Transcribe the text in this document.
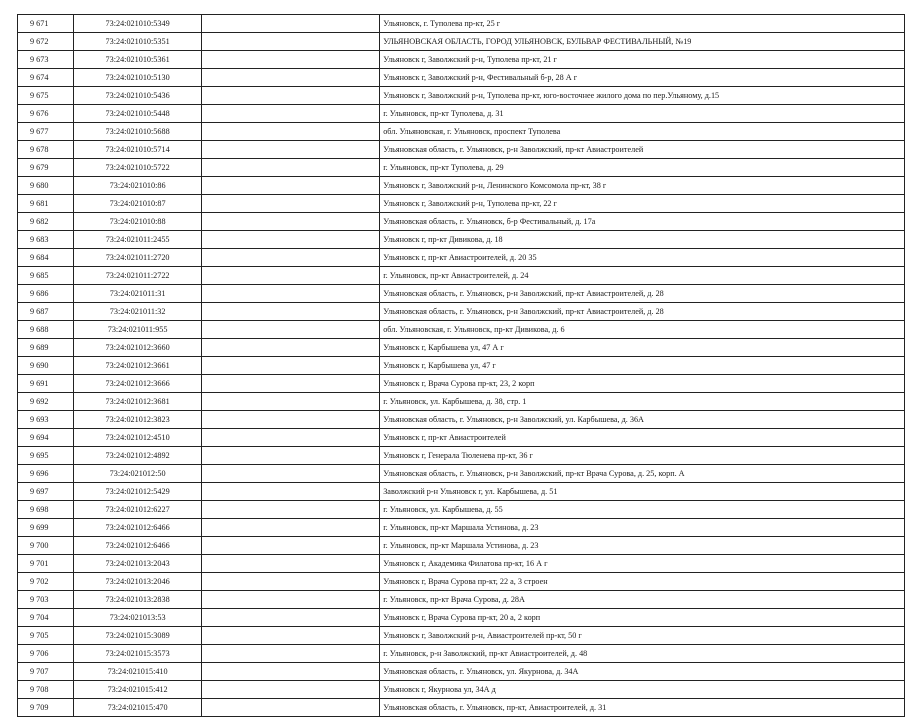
9 671	73:24:021010:5349		Ульяновск, г. Туполева пр-кт, 25 г
9 672	73:24:021010:5351		УЛЬЯНОВСКАЯ ОБЛАСТЬ, ГОРОД УЛЬЯНОВСК, БУЛЬВАР ФЕСТИВАЛЬНЫЙ, №19
9 673	73:24:021010:5361		Ульяновск г, Заволжский р-н, Туполева пр-кт, 21 г
9 674	73:24:021010:5130		Ульяновск г, Заволжский р-н, Фестивальный б-р, 28 А г
9 675	73:24:021010:5436		Ульяновск г, Заволжский р-н, Туполева пр-кт, юго-восточнее жилого дома по пер.Ульяному, д.15
9 676	73:24:021010:5448		г. Ульяновск, пр-кт Туполева, д. 31
9 677	73:24:021010:5688		обл. Ульяновская, г. Ульяновск, проспект Туполева
9 678	73:24:021010:5714		Ульяновская область, г. Ульяновск, р-н Заволжский, пр-кт Авиастроителей
9 679	73:24:021010:5722		г. Ульяновск, пр-кт Туполева, д. 29
9 680	73:24:021010:86		Ульяновск г, Заволжский р-н, Ленинского Комсомола пр-кт, 38 г
9 681	73:24:021010:87		Ульяновск г, Заволжский р-н, Туполева пр-кт, 22 г
9 682	73:24:021010:88		Ульяновская область, г. Ульяновск, б-р Фестивальный, д. 17а
9 683	73:24:021011:2455		Ульяновск г, пр-кт Дивикова, д. 18
9 684	73:24:021011:2720		Ульяновск г, пр-кт Авиастроителей, д. 20 35
9 685	73:24:021011:2722		г. Ульяновск, пр-кт Авиастроителей, д. 24
9 686	73:24:021011:31		Ульяновская область, г. Ульяновск, р-н Заволжский, пр-кт Авиастроителей, д. 28
9 687	73:24:021011:32		Ульяновская область, г. Ульяновск, р-н Заволжский, пр-кт Авиастроителей, д. 28
9 688	73:24:021011:955		обл. Ульяновская, г. Ульяновск, пр-кт Дивикова, д. 6
9 689	73:24:021012:3660		Ульяновск г, Карбышева ул, 47 А г
9 690	73:24:021012:3661		Ульяновск г, Карбышева ул, 47 г
9 691	73:24:021012:3666		Ульяновск г, Врача Сурова пр-кт, 23, 2 корп
9 692	73:24:021012:3681		г. Ульяновск, ул. Карбышева, д. 38, стр. 1
9 693	73:24:021012:3823		Ульяновская область, г. Ульяновск, р-н Заволжский, ул. Карбышева, д. 36А
9 694	73:24:021012:4510		Ульяновск г, пр-кт Авиастроителей
9 695	73:24:021012:4892		Ульяновск г, Генерала Тюленева пр-кт, 36 г
9 696	73:24:021012:50		Ульяновская область, г. Ульяновск, р-н Заволжский, пр-кт Врача Сурова, д. 25, корп. А
9 697	73:24:021012:5429		Заволжский р-н Ульяновск г, ул. Карбышева, д. 51
9 698	73:24:021012:6227		г. Ульяновск, ул. Карбышева, д. 55
9 699	73:24:021012:6466		г. Ульяновск, пр-кт Маршала Устинова, д. 23
9 700	73:24:021012:6466		г. Ульяновск, пр-кт Маршала Устинова, д. 23
9 701	73:24:021013:2043		Ульяновск г, Академика Филатова пр-кт, 16 А г
9 702	73:24:021013:2046		Ульяновск г, Врача Сурова пр-кт, 22 а, 3 строен
9 703	73:24:021013:2838		г. Ульяновск, пр-кт Врача Сурова, д. 28А
9 704	73:24:021013:53		Ульяновск г, Врача Сурова пр-кт, 20 а, 2 корп
9 705	73:24:021015:3089		Ульяновск г, Заволжский р-н, Авиастроителей пр-кт, 50 г
9 706	73:24:021015:3573		г. Ульяновск, р-н Заволжский, пр-кт Авиастроителей, д. 48
9 707	73:24:021015:410		Ульяновская область, г. Ульяновск, ул. Якурнова, д. 34А
9 708	73:24:021015:412		Ульяновск г, Якурнова ул, 34А д
9 709	73:24:021015:470		Ульяновская область, г. Ульяновск, пр-кт, Авиастроителей, д. 31
